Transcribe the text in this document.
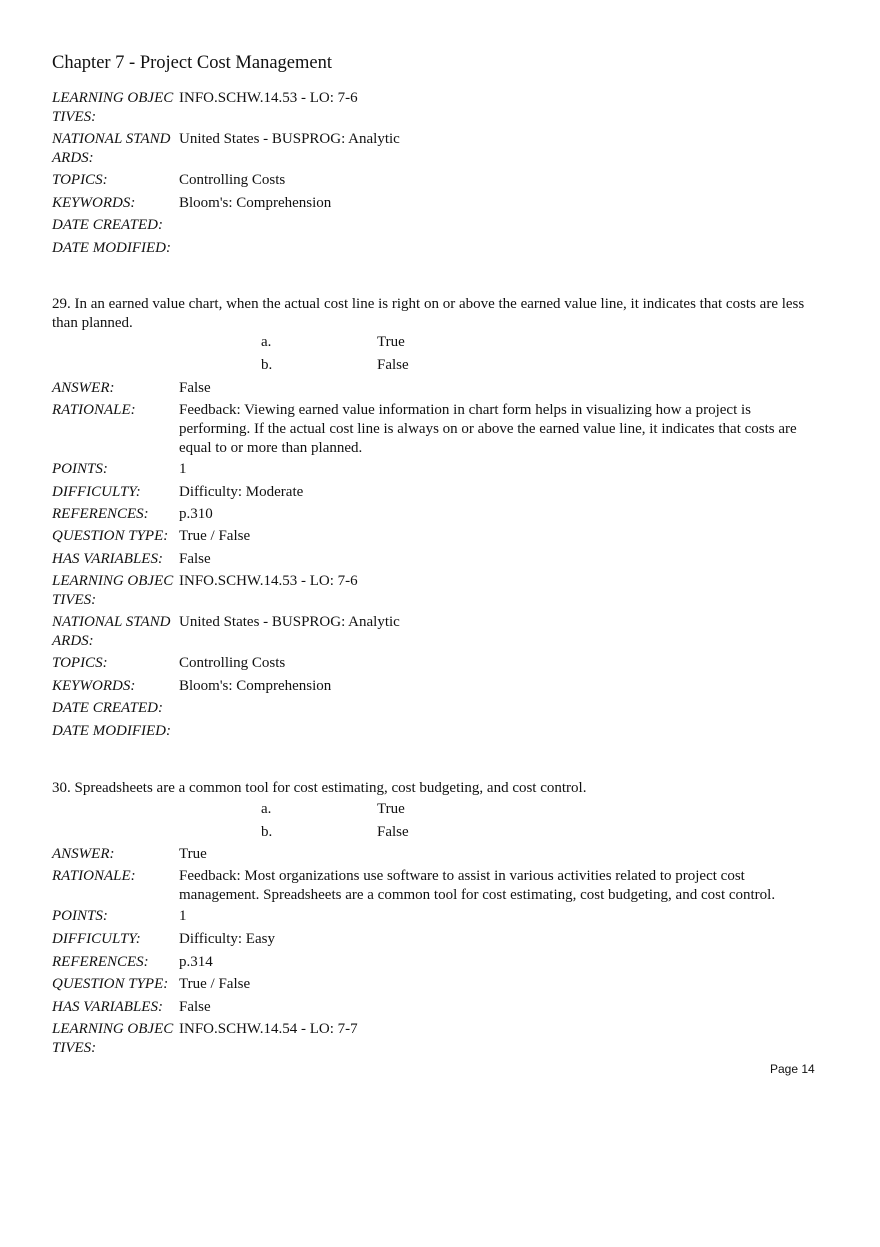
Chapter 7 - Project Cost Management
LEARNING OBJECTIVES:
INFO.SCHW.14.53 - LO: 7-6
NATIONAL STANDARDS:
United States - BUSPROG: Analytic
TOPICS:	Controlling Costs
KEYWORDS:	Bloom's: Comprehension
DATE CREATED:
DATE MODIFIED:

29. In an earned value chart, when the actual cost line is right on or above the earned value line, it indicates that costs are less than planned.

a.	True
b.	False
ANSWER:	False
RATIONALE:	Feedback: Viewing earned value information in chart form helps in visualizing how a project is performing. If the actual cost line is always on or above the earned value line, it indicates that costs are equal to or more than planned.
POINTS:	1
DIFFICULTY:	Difficulty: Moderate
REFERENCES:	p.310
QUESTION TYPE: True / False
HAS VARIABLES:	False
LEARNING OBJECTIVES:
INFO.SCHW.14.53 - LO: 7-6
NATIONAL STANDARDS:
United States - BUSPROG: Analytic
TOPICS:	Controlling Costs
KEYWORDS:	Bloom's: Comprehension
DATE CREATED:
DATE MODIFIED:

30. Spreadsheets are a common tool for cost estimating, cost budgeting, and cost control.

a.	True
b.	False
ANSWER:	True
RATIONALE:	Feedback: Most organizations use software to assist in various activities related to project cost management. Spreadsheets are a common tool for cost estimating, cost budgeting, and cost control.
POINTS:	1
DIFFICULTY:	Difficulty: Easy
REFERENCES:	p.314
QUESTION TYPE: True / False
HAS VARIABLES:	False
LEARNING OBJECTIVES:
INFO.SCHW.14.54 - LO: 7-7
Page 14
